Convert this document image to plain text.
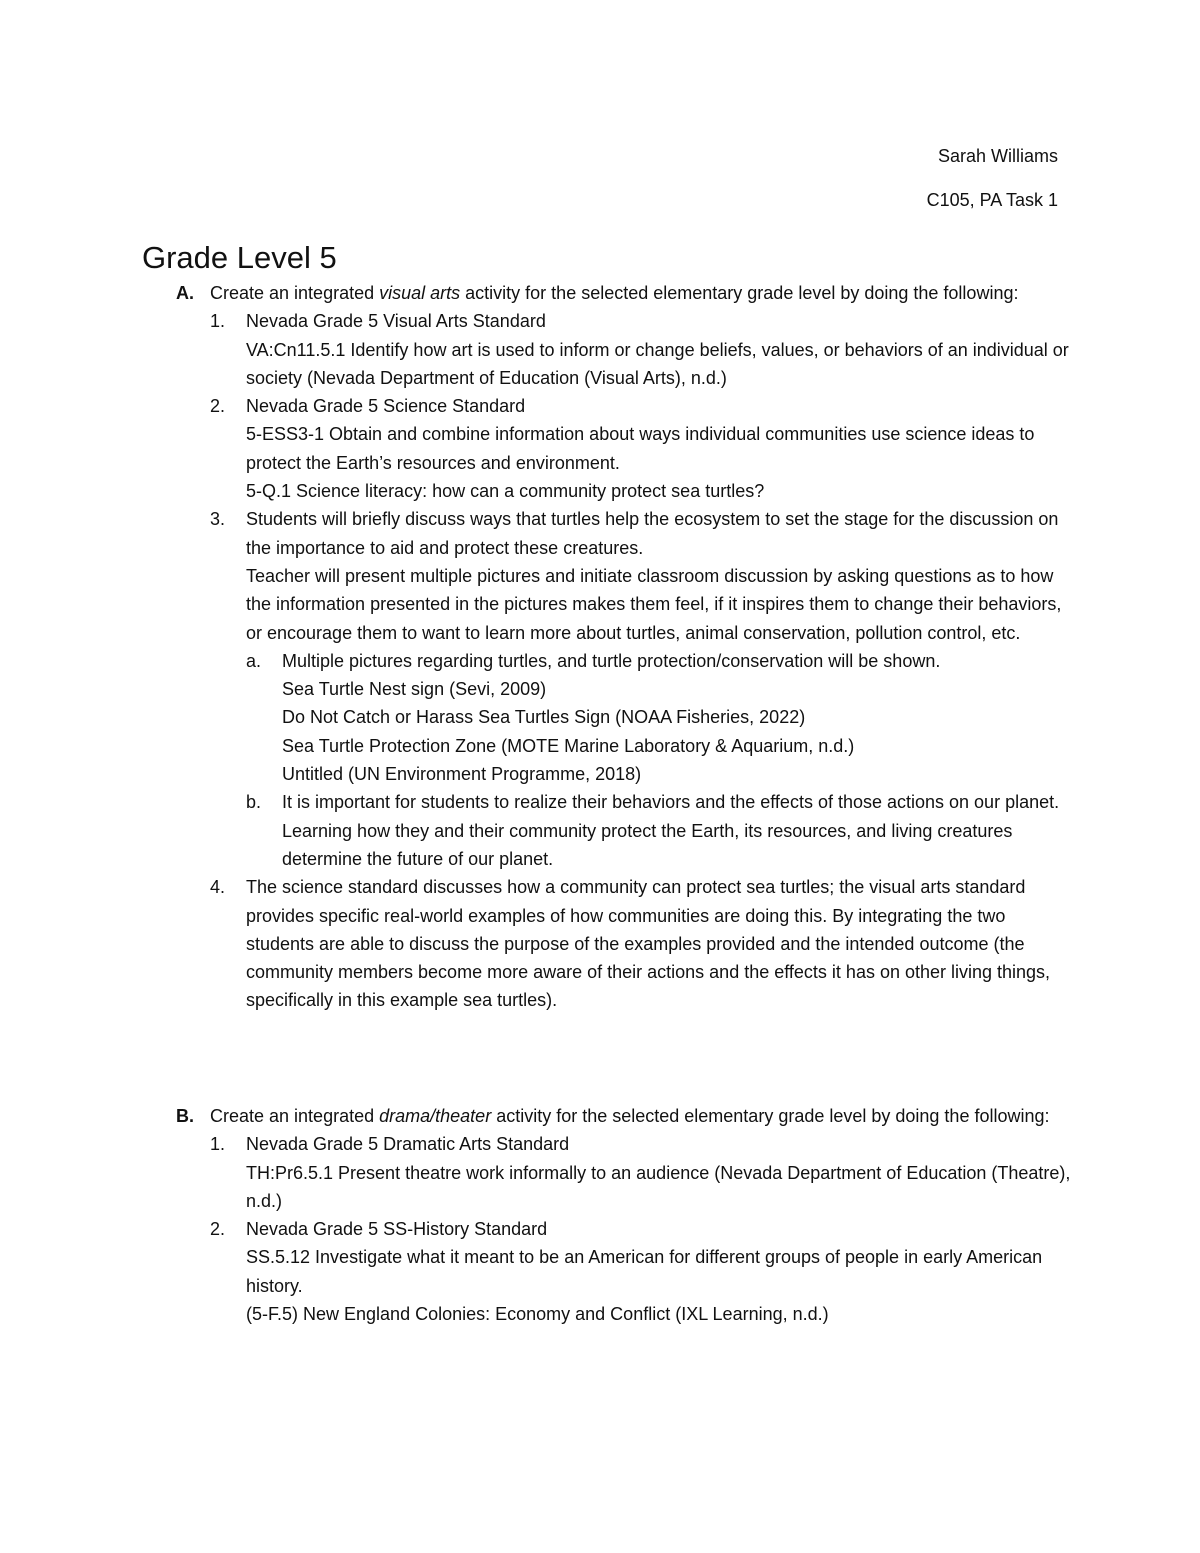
Sarah Williams
C105, PA Task 1
Grade Level 5
A. Create an integrated visual arts activity for the selected elementary grade level by doing the following:
1.	Nevada Grade 5 Visual Arts Standard
VA:Cn11.5.1 Identify how art is used to inform or change beliefs, values, or behaviors of an individual or society (Nevada Department of Education (Visual Arts), n.d.)
2.	Nevada Grade 5 Science Standard
5-ESS3-1 Obtain and combine information about ways individual communities use science ideas to protect the Earth’s resources and environment.
5-Q.1 Science literacy: how can a community protect sea turtles?
3.	Students will briefly discuss ways that turtles help the ecosystem to set the stage for the discussion on the importance to aid and protect these creatures.
Teacher will present multiple pictures and initiate classroom discussion by asking questions as to how the information presented in the pictures makes them feel, if it inspires them to change their behaviors, or encourage them to want to learn more about turtles, animal conservation, pollution control, etc.
a.	Multiple pictures regarding turtles, and turtle protection/conservation will be shown.
Sea Turtle Nest sign (Sevi, 2009)
Do Not Catch or Harass Sea Turtles Sign (NOAA Fisheries, 2022)
Sea Turtle Protection Zone (MOTE Marine Laboratory & Aquarium, n.d.)
Untitled (UN Environment Programme, 2018)
b.	It is important for students to realize their behaviors and the effects of those actions on our planet. Learning how they and their community protect the Earth, its resources, and living creatures determine the future of our planet.
4.	The science standard discusses how a community can protect sea turtles; the visual arts standard provides specific real-world examples of how communities are doing this. By integrating the two students are able to discuss the purpose of the examples provided and the intended outcome (the community members become more aware of their actions and the effects it has on other living things, specifically in this example sea turtles).
B. Create an integrated drama/theater activity for the selected elementary grade level by doing the following:
1.	Nevada Grade 5 Dramatic Arts Standard
TH:Pr6.5.1 Present theatre work informally to an audience (Nevada Department of Education (Theatre), n.d.)
2.	Nevada Grade 5 SS-History Standard
SS.5.12 Investigate what it meant to be an American for different groups of people in early American history.
(5-F.5) New England Colonies: Economy and Conflict (IXL Learning, n.d.)
